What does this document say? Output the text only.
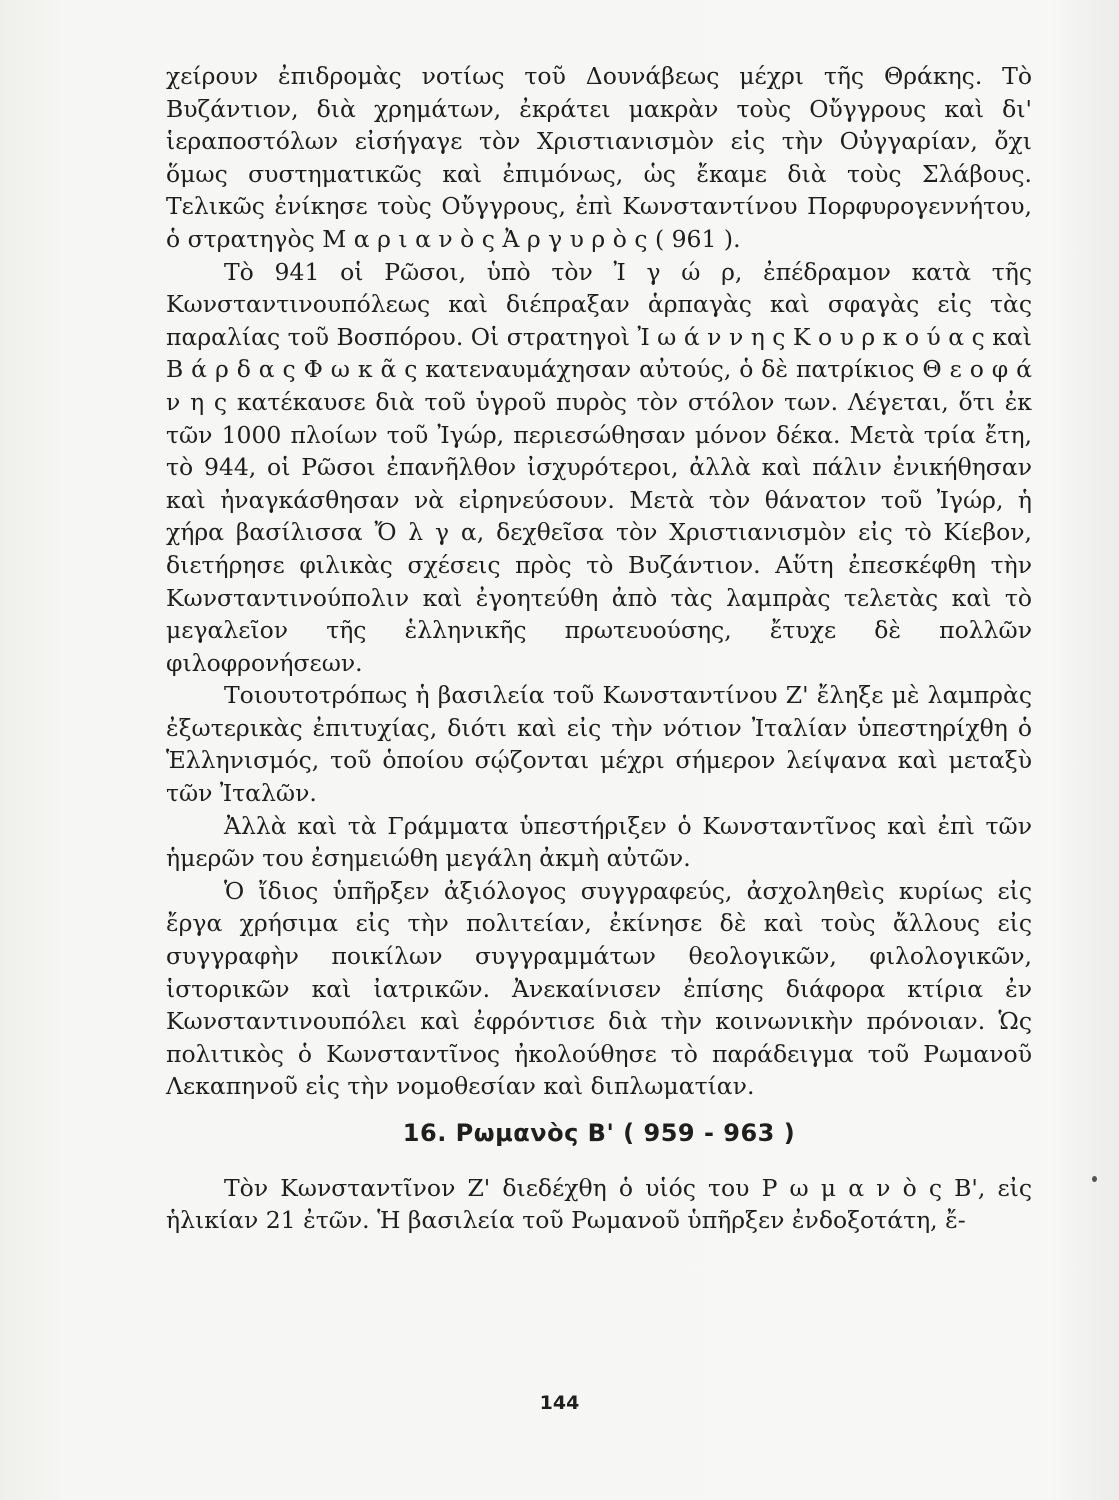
χείρουν ἐπιδρομὰς νοτίως τοῦ Δουνάβεως μέχρι τῆς Θράκης. Τὸ Βυζάντιον, διὰ χρημάτων, ἐκράτει μακρὰν τοὺς Οὔγγρους καὶ δι' ἱεραποστόλων εἰσήγαγε τὸν Χριστιανισμὸν εἰς τὴν Οὐγγαρίαν, ὄχι ὅμως συστηματικῶς καὶ ἐπιμόνως, ὡς ἔκαμε διὰ τοὺς Σλάβους. Τελικῶς ἐνίκησε τοὺς Οὔγγρους, ἐπὶ Κωνσταντίνου Πορφυρογεννήτου, ὁ στρατηγὸς Μ α ρ ι α ν ὸ ς Ἀ ρ γ υ ρ ὸ ς ( 961 ).

Τὸ 941 οἱ Ρῶσοι, ὑπὸ τὸν Ἰ γ ώ ρ, ἐπέδραμον κατὰ τῆς Κωνσταντινουπόλεως καὶ διέπραξαν ἁρπαγὰς καὶ σφαγὰς εἰς τὰς παραλίας τοῦ Βοσπόρου. Οἱ στρατηγοὶ Ἰ ω ά ν ν η ς Κ ο υ ρ κ ο ύ α ς καὶ Β ά ρ δ α ς Φ ω κ ᾶ ς κατεναυμάχησαν αὐτούς, ὁ δὲ πατρίκιος Θ ε ο φ ά ν η ς κατέκαυσε διὰ τοῦ ὑγροῦ πυρὸς τὸν στόλον των. Λέγεται, ὅτι ἐκ τῶν 1000 πλοίων τοῦ Ἰγώρ, περιεσώθησαν μόνον δέκα. Μετὰ τρία ἔτη, τὸ 944, οἱ Ρῶσοι ἐπανῆλθον ἰσχυρότεροι, ἀλλὰ καὶ πάλιν ἐνικήθησαν καὶ ἠναγκάσθησαν νὰ εἰρηνεύσουν. Μετὰ τὸν θάνατον τοῦ Ἰγώρ, ἡ χήρα βασίλισσα Ὄ λ γ α, δεχθεῖσα τὸν Χριστιανισμὸν εἰς τὸ Κίεβον, διετήρησε φιλικὰς σχέσεις πρὸς τὸ Βυζάντιον. Αὕτη ἐπεσκέφθη τὴν Κωνσταντινούπολιν καὶ ἐγοητεύθη ἀπὸ τὰς λαμπρὰς τελετὰς καὶ τὸ μεγαλεῖον τῆς ἑλληνικῆς πρωτευούσης, ἔτυχε δὲ πολλῶν φιλοφρονήσεων.

Τοιουτοτρόπως ἡ βασιλεία τοῦ Κωνσταντίνου Ζ' ἔληξε μὲ λαμπρὰς ἐξωτερικὰς ἐπιτυχίας, διότι καὶ εἰς τὴν νότιον Ἰταλίαν ὑπεστηρίχθη ὁ Ἑλληνισμός, τοῦ ὁποίου σῴζονται μέχρι σήμερον λείψανα καὶ μεταξὺ τῶν Ἰταλῶν.

Ἀλλὰ καὶ τὰ Γράμματα ὑπεστήριξεν ὁ Κωνσταντῖνος καὶ ἐπὶ τῶν ἡμερῶν του ἐσημειώθη μεγάλη ἀκμὴ αὐτῶν.

Ὁ ἴδιος ὑπῆρξεν ἀξιόλογος συγγραφεύς, ἀσχοληθεὶς κυρίως εἰς ἔργα χρήσιμα εἰς τὴν πολιτείαν, ἐκίνησε δὲ καὶ τοὺς ἄλλους εἰς συγγραφὴν ποικίλων συγγραμμάτων θεολογικῶν, φιλολογικῶν, ἱστορικῶν καὶ ἰατρικῶν. Ἀνεκαίνισεν ἐπίσης διάφορα κτίρια ἐν Κωνσταντινουπόλει καὶ ἐφρόντισε διὰ τὴν κοινωνικὴν πρόνοιαν. Ὡς πολιτικὸς ὁ Κωνσταντῖνος ἠκολούθησε τὸ παράδειγμα τοῦ Ρωμανοῦ Λεκαπηνοῦ εἰς τὴν νομοθεσίαν καὶ διπλωματίαν.

16. Ρωμανὸς Β' ( 959 - 963 )

Τὸν Κωνσταντῖνον Ζ' διεδέχθη ὁ υἱός του Ρ ω μ α ν ὸ ς Β', εἰς ἡλικίαν 21 ἐτῶν. Ἡ βασιλεία τοῦ Ρωμανοῦ ὑπῆρξεν ἐνδοξοτάτη, ἔ-

144
